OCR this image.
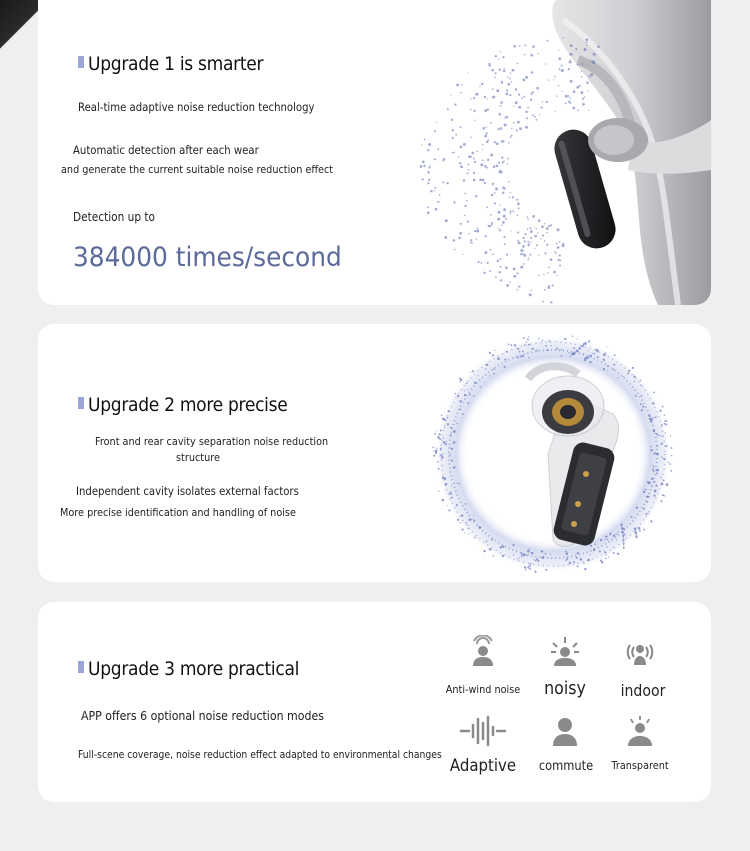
Upgrade 1 is smarter
Real-time adaptive noise reduction technology
Automatic detection after each wear
and generate the current suitable noise reduction effect
Detection up to
384000 times/second
Upgrade 2 more precise
Front and rear cavity separation noise reduction
structure
Independent cavity isolates external factors
More precise identification and handling of noise
Upgrade 3 more practical
APP offers 6 optional noise reduction modes
Full-scene coverage, noise reduction effect adapted to environmental changes
Anti-wind noise noisy indoor
Adaptive commute Transparent
